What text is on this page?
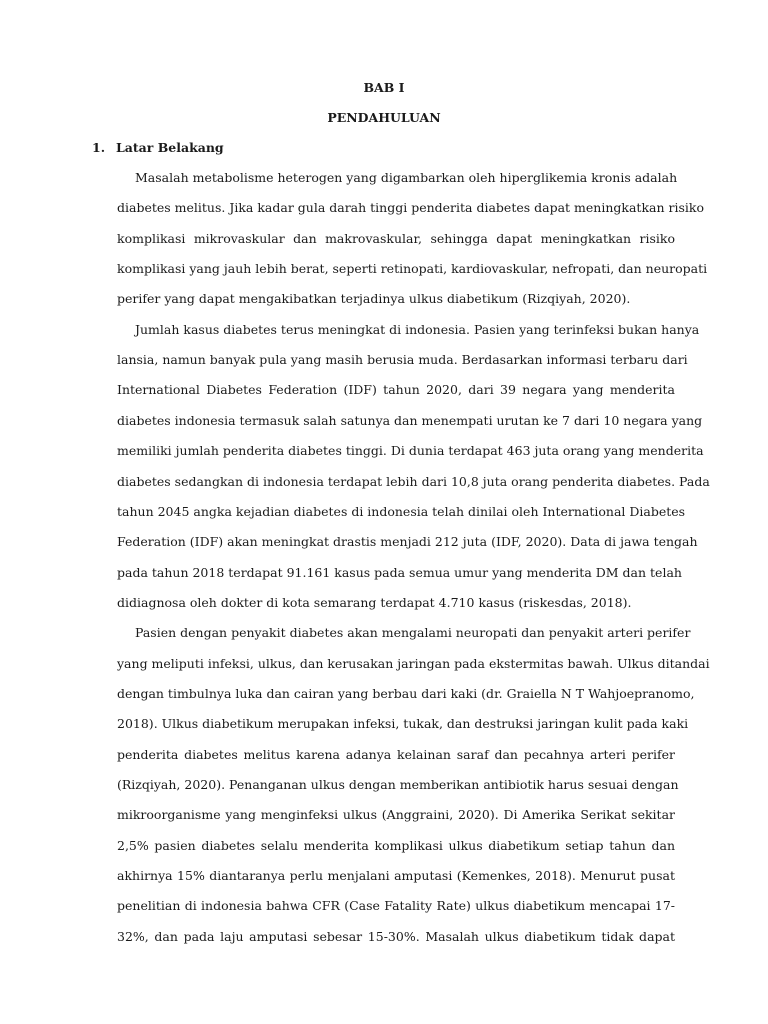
BAB I
PENDAHULUAN
1. Latar Belakang
Masalah metabolisme heterogen yang digambarkan oleh hiperglikemia kronis adalah
diabetes melitus. Jika kadar gula darah tinggi penderita diabetes dapat meningkatkan risiko
komplikasi mikrovaskular dan makrovaskular, sehingga dapat meningkatkan risiko
komplikasi yang jauh lebih berat, seperti retinopati, kardiovaskular, nefropati, dan neuropati
perifer yang dapat mengakibatkan terjadinya ulkus diabetikum (Rizqiyah, 2020).
Jumlah kasus diabetes terus meningkat di indonesia. Pasien yang terinfeksi bukan hanya
lansia, namun banyak pula yang masih berusia muda. Berdasarkan informasi terbaru dari
International Diabetes Federation (IDF) tahun 2020, dari 39 negara yang menderita
diabetes indonesia termasuk salah satunya dan menempati urutan ke 7 dari 10 negara yang
memiliki jumlah penderita diabetes tinggi. Di dunia terdapat 463 juta orang yang menderita
diabetes sedangkan di indonesia terdapat lebih dari 10,8 juta orang penderita diabetes. Pada
tahun 2045 angka kejadian diabetes di indonesia telah dinilai oleh International Diabetes
Federation (IDF) akan meningkat drastis menjadi 212 juta (IDF, 2020). Data di jawa tengah
pada tahun 2018 terdapat 91.161 kasus pada semua umur yang menderita DM dan telah
didiagnosa oleh dokter di kota semarang terdapat 4.710 kasus (riskesdas, 2018).
Pasien dengan penyakit diabetes akan mengalami neuropati dan penyakit arteri perifer
yang meliputi infeksi, ulkus, dan kerusakan jaringan pada ekstermitas bawah. Ulkus ditandai
dengan timbulnya luka dan cairan yang berbau dari kaki (dr. Graiella N T Wahjoepranomo,
2018). Ulkus diabetikum merupakan infeksi, tukak, dan destruksi jaringan kulit pada kaki
penderita diabetes melitus karena adanya kelainan saraf dan pecahnya arteri perifer
(Rizqiyah, 2020). Penanganan ulkus dengan memberikan antibiotik harus sesuai dengan
mikroorganisme yang menginfeksi ulkus (Anggraini, 2020). Di Amerika Serikat sekitar
2,5% pasien diabetes selalu menderita komplikasi ulkus diabetikum setiap tahun dan
akhirnya 15% diantaranya perlu menjalani amputasi (Kemenkes, 2018). Menurut pusat
penelitian di indonesia bahwa CFR (Case Fatality Rate) ulkus diabetikum mencapai 17-
32%, dan pada laju amputasi sebesar 15-30%. Masalah ulkus diabetikum tidak dapat
